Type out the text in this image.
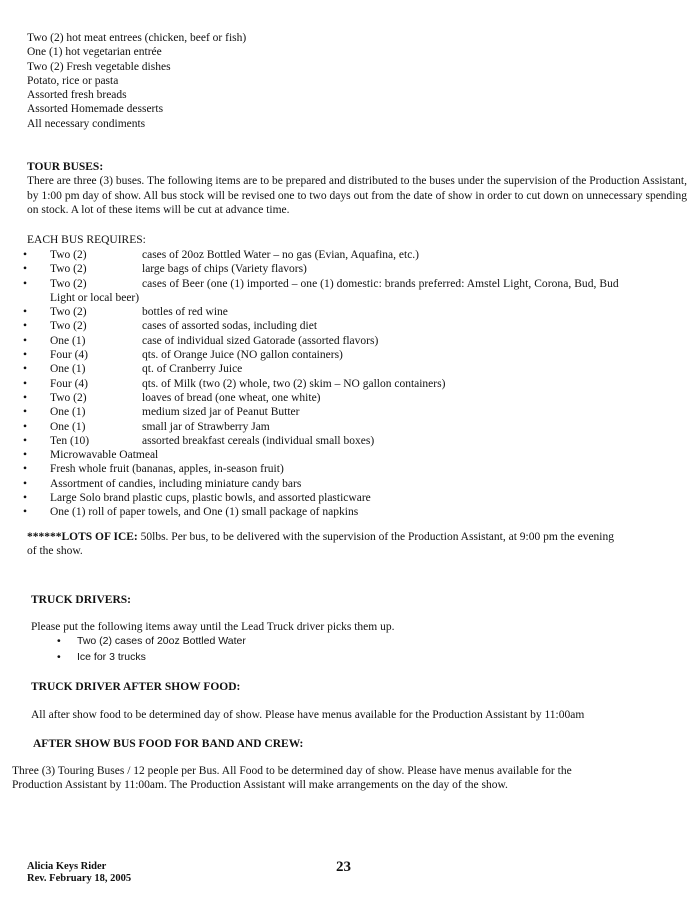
Two (2) hot meat entrees (chicken, beef or fish)
One (1) hot vegetarian entrée
Two (2) Fresh vegetable dishes
Potato, rice or pasta
Assorted fresh breads
Assorted Homemade desserts
All necessary condiments
TOUR BUSES:
There are three (3) buses. The following items are to be prepared and distributed to the buses under the supervision of the Production Assistant, by 1:00 pm day of show. All bus stock will be revised one to two days out from the date of show in order to cut down on unnecessary spending on stock. A lot of these items will be cut at advance time.
EACH BUS REQUIRES:
•	Two (2)	cases of 20oz Bottled Water – no gas (Evian, Aquafina, etc.)
•	Two (2)	large bags of chips (Variety flavors)
•	Two (2)	cases of Beer (one (1) imported – one (1) domestic: brands preferred: Amstel Light, Corona, Bud, Bud
Light or local beer)
•	Two (2)	bottles of red wine
•	Two (2)	cases of assorted sodas, including diet
•	One (1)	case of individual sized Gatorade (assorted flavors)
•	Four (4)	qts. of Orange Juice (NO gallon containers)
•	One (1)	qt. of Cranberry Juice
•	Four (4)	qts. of Milk (two (2) whole, two (2) skim – NO gallon containers)
•	Two (2)	loaves of bread (one wheat, one white)
•	One (1)	medium sized jar of Peanut Butter
•	One (1)	small jar of Strawberry Jam
•	Ten (10)	assorted breakfast cereals (individual small boxes)
•	Microwavable Oatmeal
•	Fresh whole fruit (bananas, apples, in-season fruit)
•	Assortment of candies, including miniature candy bars
•	Large Solo brand plastic cups, plastic bowls, and assorted plasticware
•	One (1) roll of paper towels, and One (1) small package of napkins
******LOTS OF ICE: 50lbs. Per bus, to be delivered with the supervision of the Production Assistant, at 9:00 pm the evening
of the show.
TRUCK DRIVERS:
Please put the following items away until the Lead Truck driver picks them up.
• Two (2) cases of 20oz Bottled Water
• Ice for 3 trucks
TRUCK DRIVER AFTER SHOW FOOD:
All after show food to be determined day of show. Please have menus available for the Production Assistant by 11:00am
AFTER SHOW BUS FOOD FOR BAND AND CREW:
Three (3) Touring Buses / 12 people per Bus. All Food to be determined day of show. Please have menus available for the
Production Assistant by 11:00am. The Production Assistant will make arrangements on the day of the show.
Alicia Keys Rider
Rev. February 18, 2005
23
